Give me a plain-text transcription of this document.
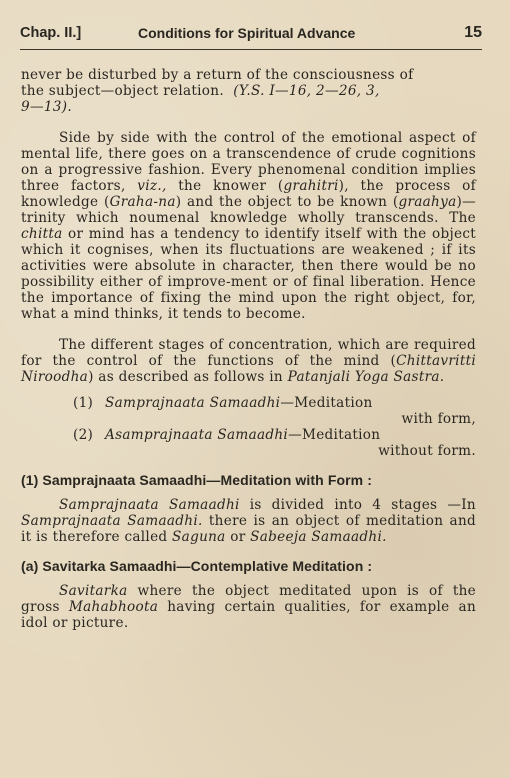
Chap. II.]	Conditions for Spiritual Advance	15

never be disturbed by a return of the consciousness of
the subject—object relation. (Y.S. I—16, 2—26, 3,
9—13).

Side by side with the control of the emotional aspect of mental life, there goes on a transcendence of crude cognitions on a progressive fashion. Every phenomenal condition implies three factors, viz., the knower (grahitri), the process of knowledge (Graha-na) and the object to be known (graahya)—trinity which noumenal knowledge wholly transcends. The chitta or mind has a tendency to identify itself with the object which it cognises, when its fluctuations are weakened ; if its activities were absolute in character, then there would be no possibility either of improve-ment or of final liberation. Hence the importance of fixing the mind upon the right object, for, what a mind thinks, it tends to become.

The different stages of concentration, which are required for the control of the functions of the mind (Chittavritti Niroodha) as described as follows in Patanjali Yoga Sastra.

(1) Samprajnaata Samaadhi—Meditation
with form,
(2) Asamprajnaata Samaadhi—Meditation
without form.

(1) Samprajnaata Samaadhi—Meditation with Form :

Samprajnaata Samaadhi is divided into 4 stages —In Samprajnaata Samaadhi. there is an object of meditation and it is therefore called Saguna or Sabeeja Samaadhi.

(a) Savitarka Samaadhi—Contemplative Meditation :

Savitarka where the object meditated upon is of the gross Mahabhoota having certain qualities, for example an idol or picture.
